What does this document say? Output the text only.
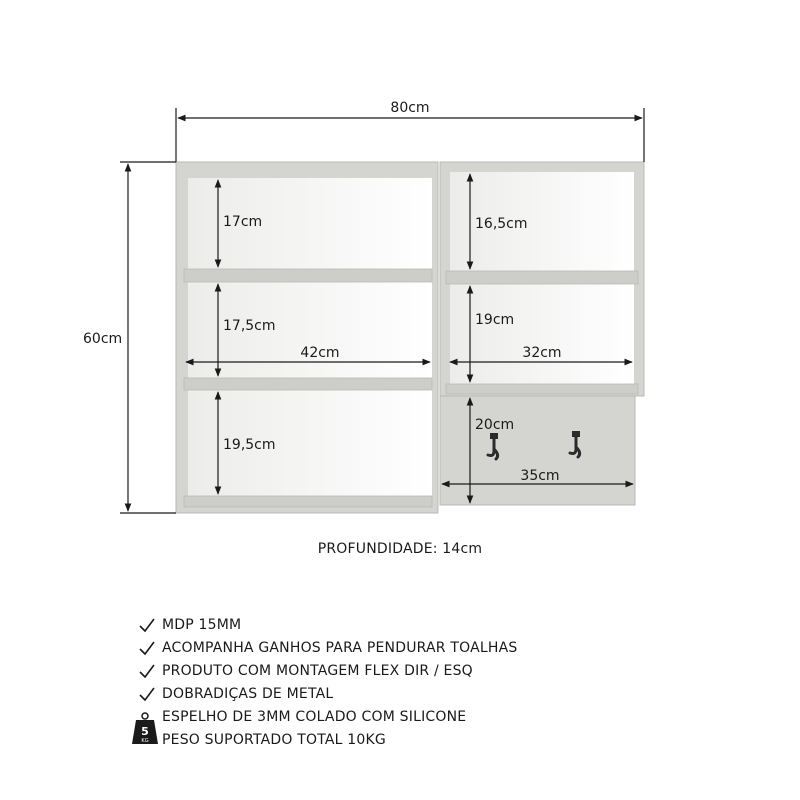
80cm
60cm
17cm
17,5cm
19,5cm
42cm
16,5cm
19cm
32cm
20cm
35cm
PROFUNDIDADE: 14cm
MDP 15MM
ACOMPANHA GANHOS PARA PENDURAR TOALHAS
PRODUTO COM MONTAGEM FLEX DIR / ESQ
DOBRADIÇAS DE METAL
ESPELHO DE 3MM COLADO COM SILICONE
PESO SUPORTADO TOTAL 10KG
5
KG
